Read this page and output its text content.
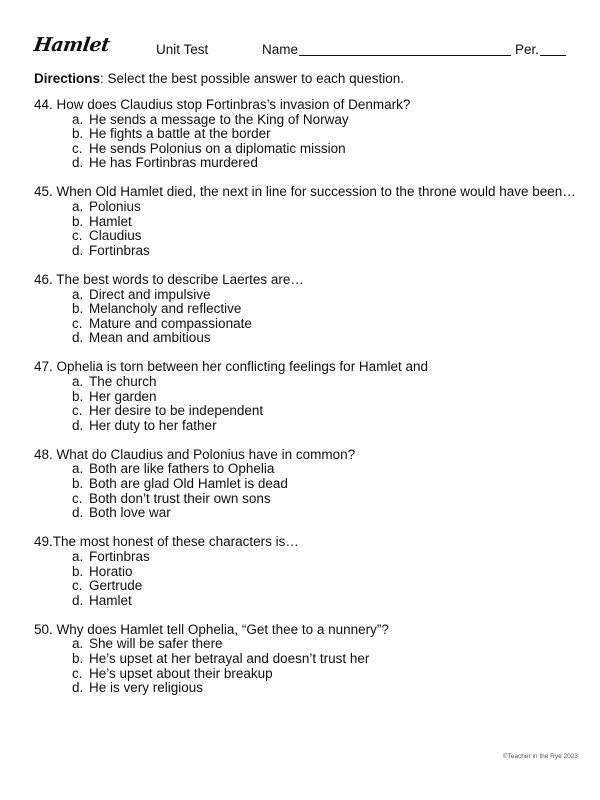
Hamlet	Unit Test	Name	Per.
Directions: Select the best possible answer to each question.
44. How does Claudius stop Fortinbras’s invasion of Denmark?
a. He sends a message to the King of Norway
b. He fights a battle at the border
c. He sends Polonius on a diplomatic mission
d. He has Fortinbras murdered
45. When Old Hamlet died, the next in line for succession to the throne would have been…
a. Polonius
b. Hamlet
c. Claudius
d. Fortinbras
46. The best words to describe Laertes are…
a. Direct and impulsive
b. Melancholy and reflective
c. Mature and compassionate
d. Mean and ambitious
47. Ophelia is torn between her conflicting feelings for Hamlet and
a. The church
b. Her garden
c. Her desire to be independent
d. Her duty to her father
48. What do Claudius and Polonius have in common?
a. Both are like fathers to Ophelia
b. Both are glad Old Hamlet is dead
c. Both don’t trust their own sons
d. Both love war
49.The most honest of these characters is…
a. Fortinbras
b. Horatio
c. Gertrude
d. Hamlet
50. Why does Hamlet tell Ophelia, “Get thee to a nunnery”?
a. She will be safer there
b. He’s upset at her betrayal and doesn’t trust her
c. He’s upset about their breakup
d. He is very religious
©Teacher in the Rye 2023
